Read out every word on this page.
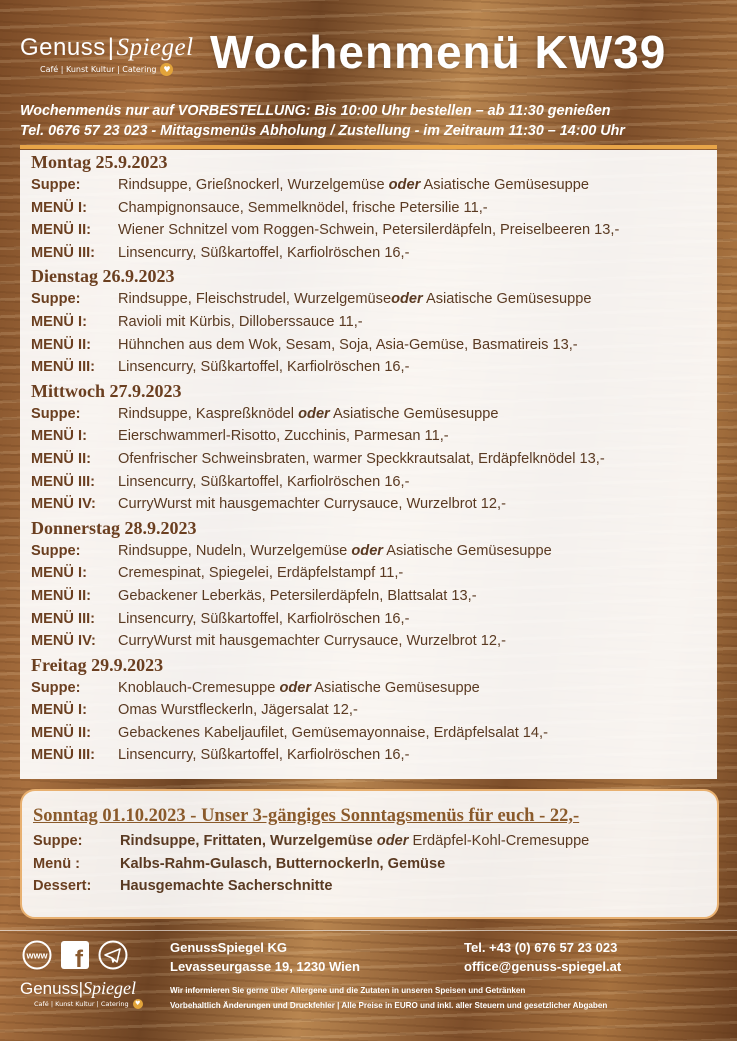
Genuss|Spiegel
Café | Kunst Kultur | Catering ♥ Wochenmenü KW39
Wochenmenüs nur auf VORBESTELLUNG: Bis 10:00 Uhr bestellen – ab 11:30 genießen
Tel. 0676 57 23 023 - Mittagsmenüs Abholung / Zustellung - im Zeitraum 11:30 – 14:00 Uhr
Montag 25.9.2023
Suppe:	Rindsuppe, Grießnockerl, Wurzelgemüse oder Asiatische Gemüsesuppe
MENÜ I:	Champignonsauce, Semmelknödel, frische Petersilie 11,-
MENÜ II:	Wiener Schnitzel vom Roggen-Schwein, Petersilerdäpfeln, Preiselbeeren 13,-
MENÜ III:	Linsencurry, Süßkartoffel, Karfiolröschen 16,-
Dienstag 26.9.2023
Suppe:	Rindsuppe, Fleischstrudel, Wurzelgemüseoder Asiatische Gemüsesuppe
MENÜ I:	Ravioli mit Kürbis, Dilloberssauce 11,-
MENÜ II:	Hühnchen aus dem Wok, Sesam, Soja, Asia-Gemüse, Basmatireis 13,-
MENÜ III:	Linsencurry, Süßkartoffel, Karfiolröschen 16,-
Mittwoch 27.9.2023
Suppe:	Rindsuppe, Kaspreßknödel oder Asiatische Gemüsesuppe
MENÜ I:	Eierschwammerl-Risotto, Zucchinis, Parmesan 11,-
MENÜ II:	Ofenfrischer Schweinsbraten, warmer Speckkrautsalat, Erdäpfelknödel 13,-
MENÜ III:	Linsencurry, Süßkartoffel, Karfiolröschen 16,-
MENÜ IV:	CurryWurst mit hausgemachter Currysauce, Wurzelbrot 12,-
Donnerstag 28.9.2023
Suppe:	Rindsuppe, Nudeln, Wurzelgemüse oder Asiatische Gemüsesuppe
MENÜ I:	Cremespinat, Spiegelei, Erdäpfelstampf 11,-
MENÜ II:	Gebackener Leberkäs, Petersilerdäpfeln, Blattsalat 13,-
MENÜ III:	Linsencurry, Süßkartoffel, Karfiolröschen 16,-
MENÜ IV:	CurryWurst mit hausgemachter Currysauce, Wurzelbrot 12,-
Freitag 29.9.2023
Suppe:	Knoblauch-Cremesuppe oder Asiatische Gemüsesuppe
MENÜ I:	Omas Wurstfleckerln, Jägersalat 12,-
MENÜ II:	Gebackenes Kabeljaufilet, Gemüsemayonnaise, Erdäpfelsalat 14,-
MENÜ III:	Linsencurry, Süßkartoffel, Karfiolröschen 16,-
Sonntag 01.10.2023 - Unser 3-gängiges Sonntagsmenüs für euch - 22,-
Suppe:	Rindsuppe, Frittaten, Wurzelgemüse oder Erdäpfel-Kohl-Cremesuppe
Menü :	Kalbs-Rahm-Gulasch, Butternockerln, Gemüse
Dessert:	Hausgemachte Sacherschnitte
www f
Genuss|Spiegel
Café | Kunst Kultur | Catering ♥
GenussSpiegel KG
Levasseurgasse 19, 1230 Wien
Tel. +43 (0) 676 57 23 023
office@genuss-spiegel.at
Wir informieren Sie gerne über Allergene und die Zutaten in unseren Speisen und Getränken
Vorbehaltlich Änderungen und Druckfehler | Alle Preise in EURO und inkl. aller Steuern und gesetzlicher Abgaben
